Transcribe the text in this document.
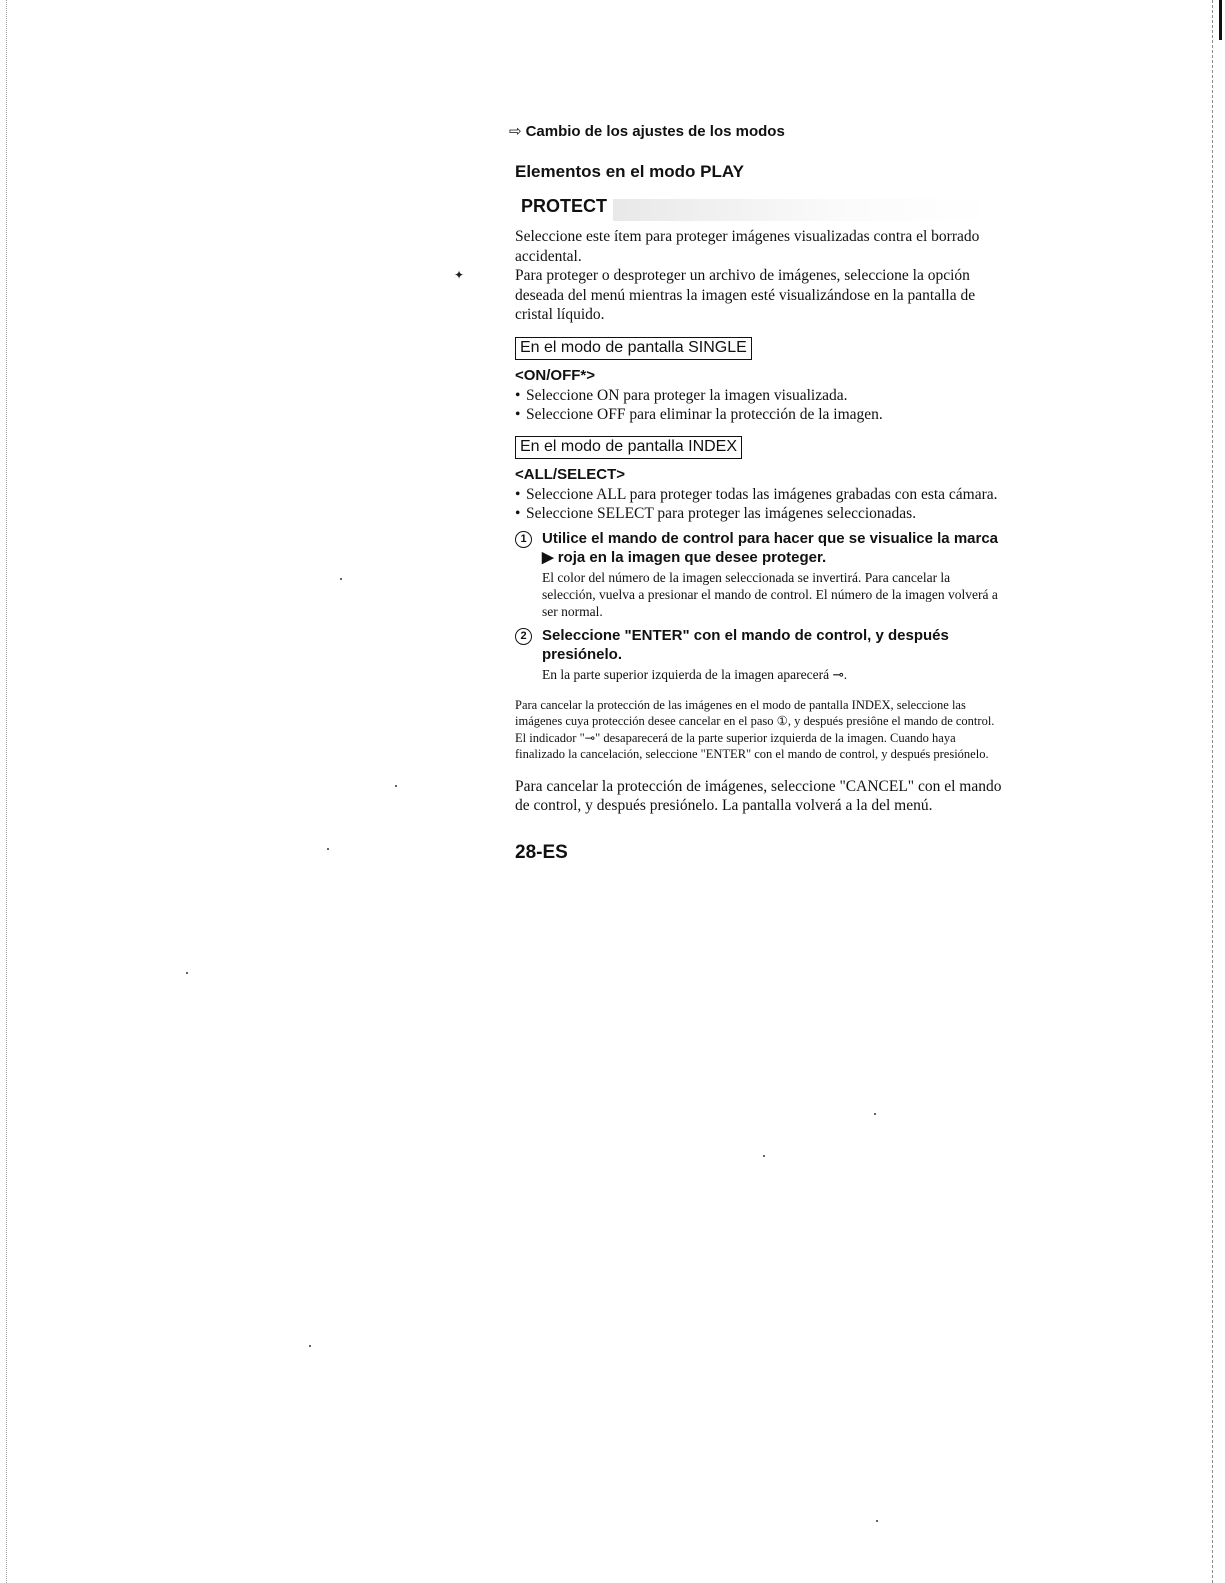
✦
⇨ Cambio de los ajustes de los modos
Elementos en el modo PLAY
PROTECT

Seleccione este ítem para proteger imágenes visualizadas contra el borrado accidental.

Para proteger o desproteger un archivo de imágenes, seleccione la opción deseada del menú mientras la imagen esté visualizándose en la pantalla de cristal líquido.

En el modo de pantalla SINGLE
<ON/OFF*>
• Seleccione ON para proteger la imagen visualizada.
• Seleccione OFF para eliminar la protección de la imagen.
En el modo de pantalla INDEX
<ALL/SELECT>
• Seleccione ALL para proteger todas las imágenes grabadas con esta cámara.
• Seleccione SELECT para proteger las imágenes seleccionadas.
1	Utilice el mando de control para hacer que se visualice la marca ▶ roja en la imagen que desee proteger.
El color del número de la imagen seleccionada se invertirá. Para cancelar la selección, vuelva a presionar el mando de control. El número de la imagen volverá a ser normal.
2	Seleccione "ENTER" con el mando de control, y después presiónelo.
En la parte superior izquierda de la imagen aparecerá ⊸.
Para cancelar la protección de las imágenes en el modo de pantalla INDEX, seleccione las imágenes cuya protección desee cancelar en el paso ①, y después presiône el mando de control.
El indicador "⊸" desaparecerá de la parte superior izquierda de la imagen. Cuando haya finalizado la cancelación, seleccione "ENTER" con el mando de control, y después presiónelo.

Para cancelar la protección de imágenes, seleccione "CANCEL" con el mando de control, y después presiónelo. La pantalla volverá a la del menú.

28-ES
